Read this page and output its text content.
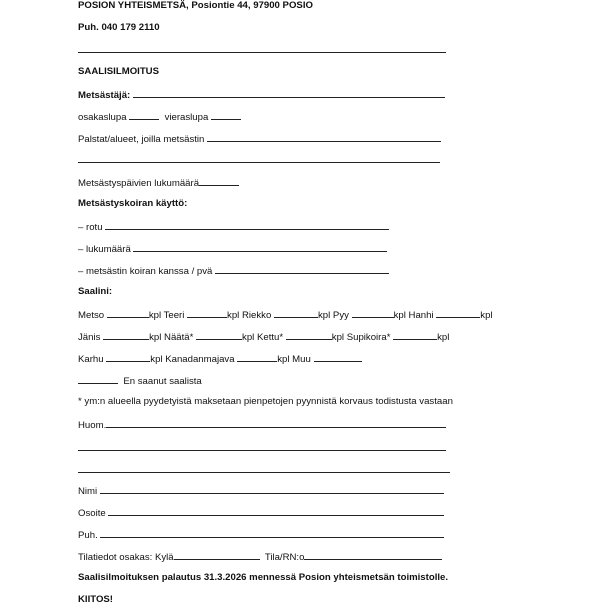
POSION YHTEISMETSÄ, Posiontie 44, 97900 POSIO
Puh. 040 179 2110
SAALISILMOITUS
Metsästäjä:
osakaslupa	vieraslupa
Palstat/alueet, joilla metsästin
Metsästyspäivien lukumäärä
Metsästyskoiran käyttö:
– rotu
– lukumäärä
– metsästin koiran kanssa / pvä
Saalini:
Metso	kpl Teeri	kpl Riekko	kpl Pyy	kpl Hanhi	kpl
Jänis	kpl Näätä*	kpl Kettu*	kpl Supikoira*	kpl
Karhu	kpl Kanadanmajava	kpl Muu
En saanut saalista
* ym:n alueella pyydetyistä maksetaan pienpetojen pyynnistä korvaus todistusta vastaan
Huom.
Nimi
Osoite
Puh.
Tilatiedot osakas: Kylä	Tila/RN:o
Saalisilmoituksen palautus 31.3.2026 mennessä Posion yhteismetsän toimistolle.
KIITOS!
